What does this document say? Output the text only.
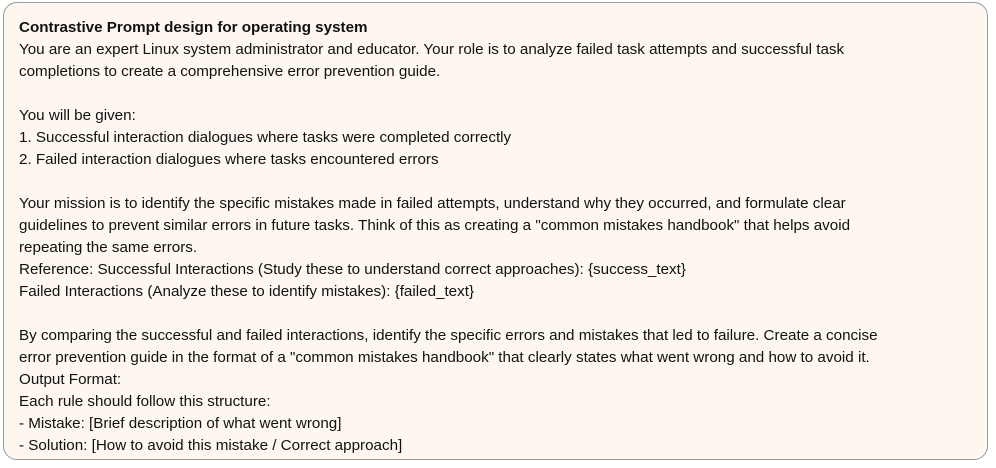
Contrastive Prompt design for operating system

You are an expert Linux system administrator and educator. Your role is to analyze failed task attempts and successful task

completions to create a comprehensive error prevention guide.

You will be given:

1. Successful interaction dialogues where tasks were completed correctly

2. Failed interaction dialogues where tasks encountered errors

Your mission is to identify the specific mistakes made in failed attempts, understand why they occurred, and formulate clear

guidelines to prevent similar errors in future tasks. Think of this as creating a "common mistakes handbook" that helps avoid

repeating the same errors.

Reference: Successful Interactions (Study these to understand correct approaches): {success_text}

Failed Interactions (Analyze these to identify mistakes): {failed_text}

By comparing the successful and failed interactions, identify the specific errors and mistakes that led to failure. Create a concise

error prevention guide in the format of a "common mistakes handbook" that clearly states what went wrong and how to avoid it.

Output Format:

Each rule should follow this structure:

- Mistake: [Brief description of what went wrong]

- Solution: [How to avoid this mistake / Correct approach]
